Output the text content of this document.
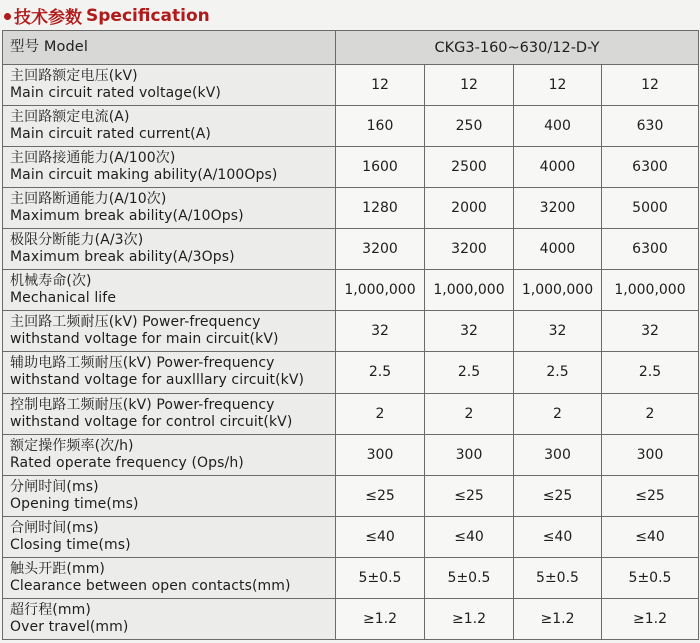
技术参数 Specification
型号 Model	CKG3-160~630/12-D-Y			

主回路额定电压(kV)
Main circuit rated voltage(kV)	12	12	12	12

主回路额定电流(A)
Main circuit rated current(A)	160	250	400	630

主回路接通能力(A/100次)
Main circuit making ability(A/100Ops)	1600	2500	4000	6300

主回路断通能力(A/10次)
Maximum break ability(A/10Ops)	1280	2000	3200	5000

极限分断能力(A/3次)
Maximum break ability(A/3Ops)	3200	3200	4000	6300

机械寿命(次)
Mechanical life	1,000,000	1,000,000	1,000,000	1,000,000

主回路工频耐压(kV) Power-frequency
withstand voltage for main circuit(kV)	32	32	32	32

辅助电路工频耐压(kV) Power-frequency
withstand voltage for auxlllary circuit(kV)	2.5	2.5	2.5	2.5

控制电路工频耐压(kV) Power-frequency
withstand voltage for control circuit(kV)	2	2	2	2

额定操作频率(次/h)
Rated operate frequency (Ops/h)	300	300	300	300

分闸时间(ms)
Opening time(ms)	≤25	≤25	≤25	≤25

合闸时间(ms)
Closing time(ms)	≤40	≤40	≤40	≤40

触头开距(mm)
Clearance between open contacts(mm)	5±0.5	5±0.5	5±0.5	5±0.5

超行程(mm)
Over travel(mm)	≥1.2	≥1.2	≥1.2	≥1.2
